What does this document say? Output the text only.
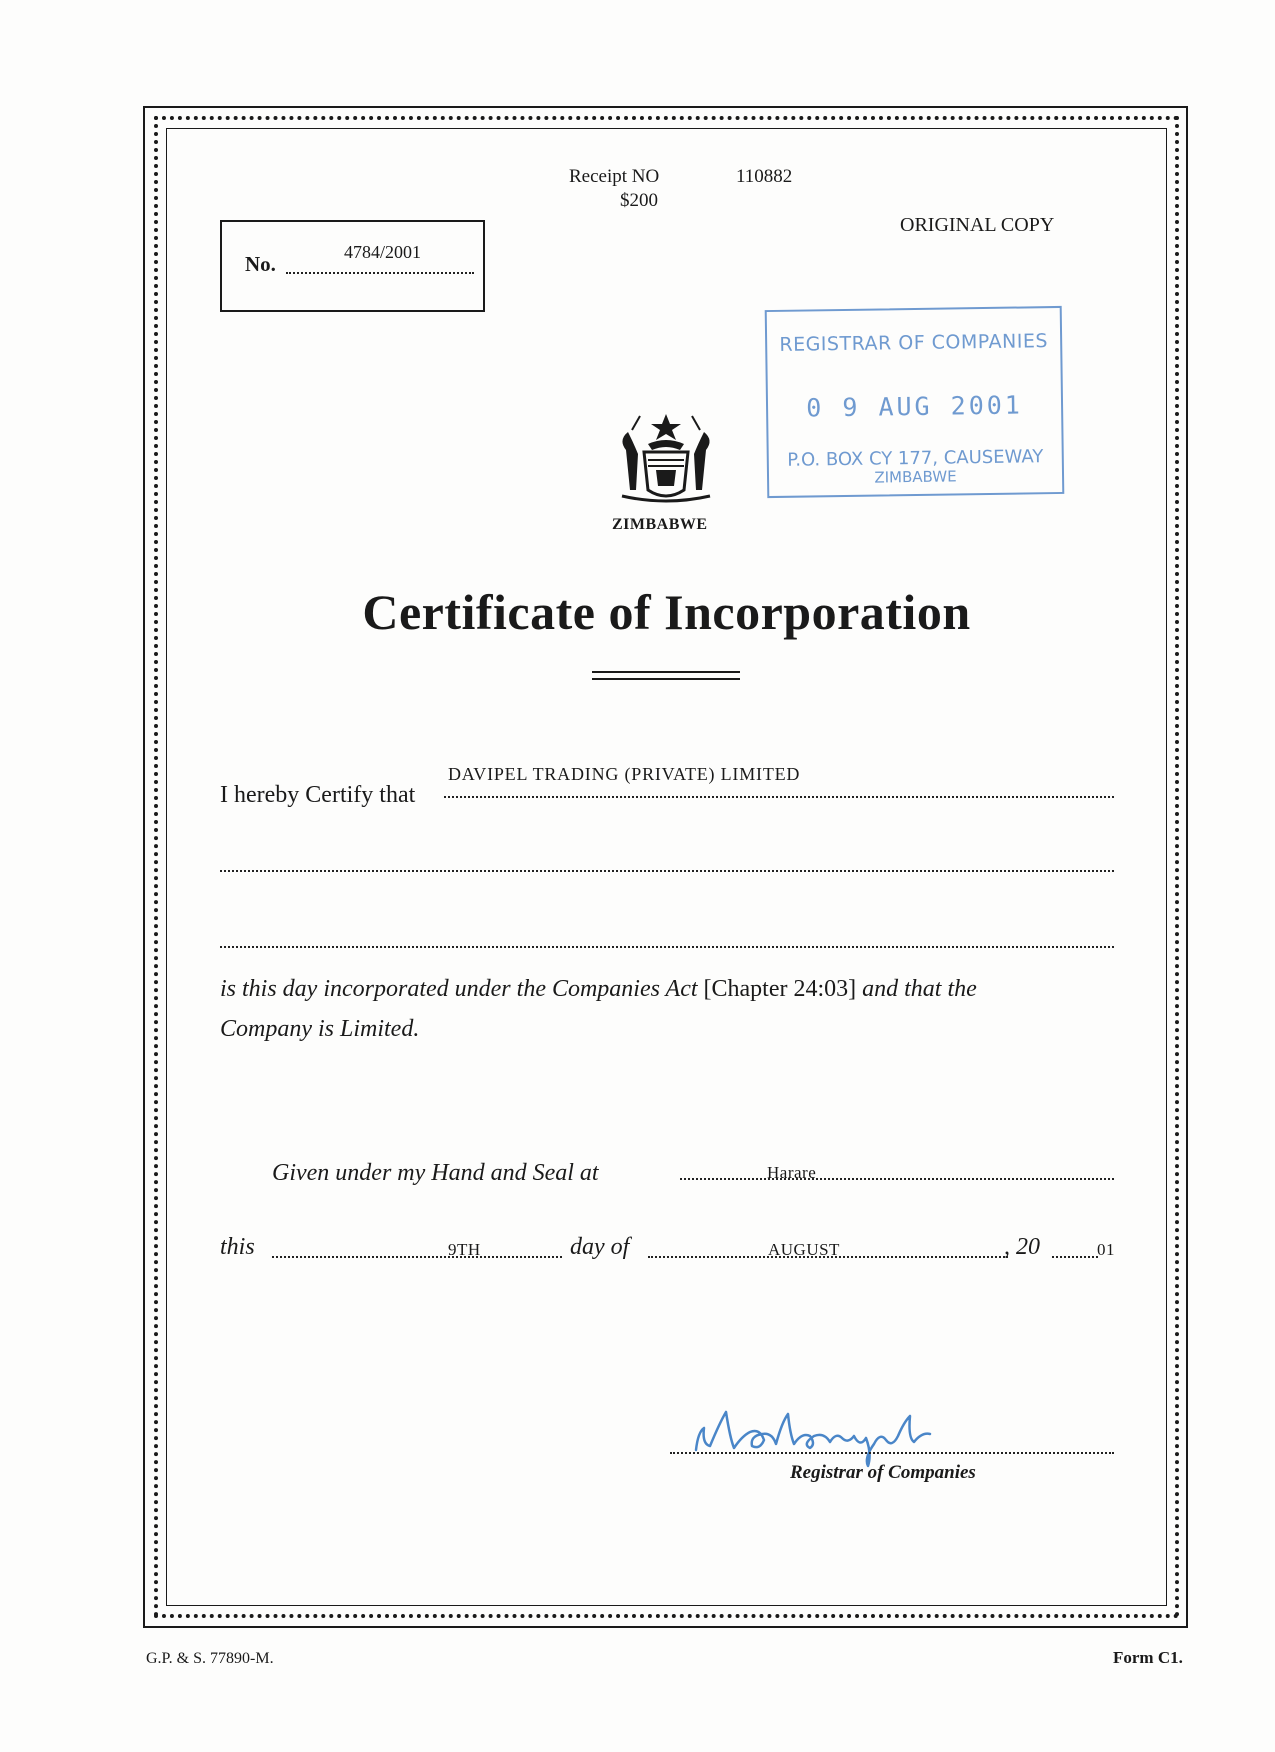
Receipt NO	110882
$200
ORIGINAL COPY
No.	4784/2001
REGISTRAR OF COMPANIES
0 9 AUG 2001
P.O. BOX CY 177, CAUSEWAY
ZIMBABWE
ZIMBABWE
Certificate of Incorporation
I hereby Certify that
DAVIPEL TRADING (PRIVATE) LIMITED
is this day incorporated under the Companies Act [Chapter 24:03] and that the
Company is Limited.
Given under my Hand and Seal at	Harare
this	9TH	day of	AUGUST	, 20	01
Registrar of Companies
G.P. & S. 77890-M.	Form C1.
